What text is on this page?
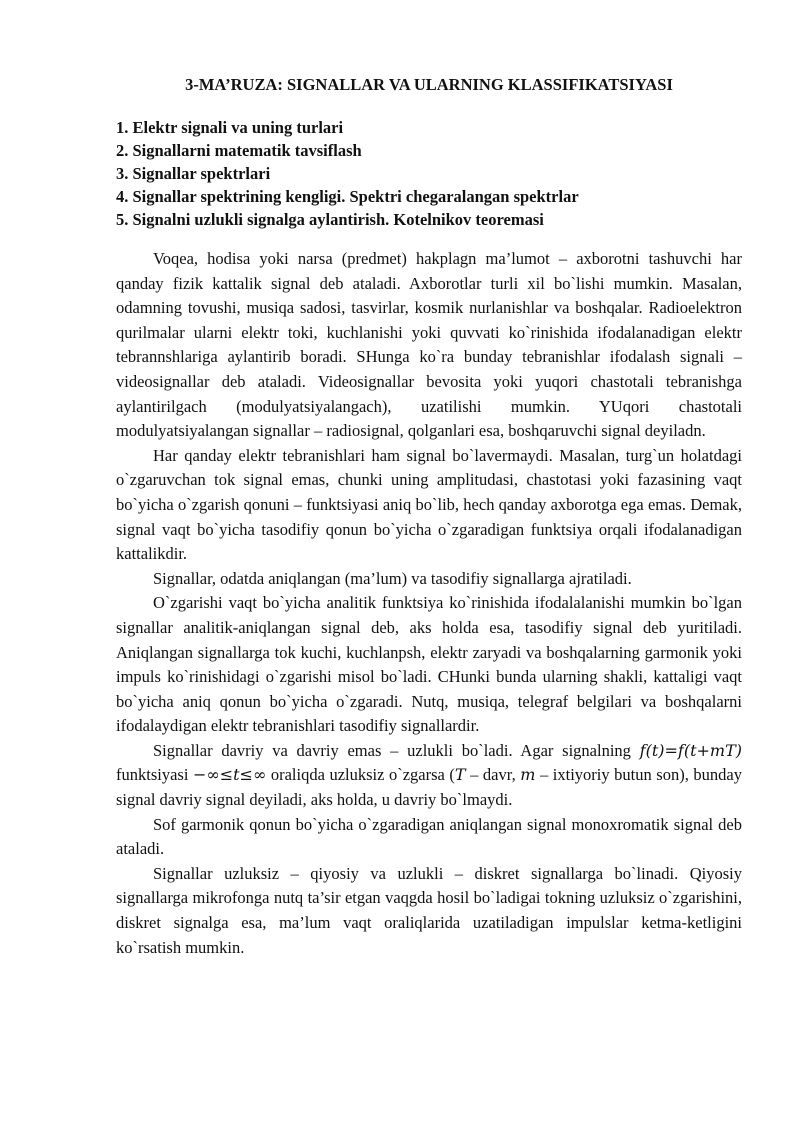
3-MA’RUZA: SIGNALLAR VA ULARNING KLASSIFIKATSIYASI
1. Elektr signali va uning turlari
2. Signallarni matematik tavsiflash
3. Signallar spektrlari
4. Signallar spektrining kengligi. Spektri chegaralangan spektrlar
5. Signalni uzlukli signalga aylantirish. Kotelnikov teoremasi

Voqea, hodisa yoki narsa (predmet) hakplagn ma’lumot – axborotni tashuvchi har qanday fizik kattalik signal deb ataladi. Axborotlar turli xil bo`lishi mumkin. Masalan, odamning tovushi, musiqa sadosi, tasvirlar, kosmik nurlanishlar va boshqalar. Radioelektron qurilmalar ularni elektr toki, kuchlanishi yoki quvvati ko`rinishida ifodalanadigan elektr tebrannshlariga aylantirib boradi. SHunga ko`ra bunday tebranishlar ifodalash signali – videosignallar deb ataladi. Videosignallar bevosita yoki yuqori chastotali tebranishga aylantirilgach (modulyatsiyalangach), uzatilishi mumkin. YUqori chastotali modulyatsiyalangan signallar – radiosignal, qolganlari esa, boshqaruvchi signal deyiladn.

Har qanday elektr tebranishlari ham signal bo`lavermaydi. Masalan, turg`un holatdagi o`zgaruvchan tok signal emas, chunki uning amplitudasi, chastotasi yoki fazasining vaqt bo`yicha o`zgarish qonuni – funktsiyasi aniq bo`lib, hech qanday axborotga ega emas. Demak, signal vaqt bo`yicha tasodifiy qonun bo`yicha o`zgaradigan funktsiya orqali ifodalanadigan kattalikdir.

Signallar, odatda aniqlangan (ma’lum) va tasodifiy signallarga ajratiladi.

O`zgarishi vaqt bo`yicha analitik funktsiya ko`rinishida ifodalalanishi mumkin bo`lgan signallar analitik-aniqlangan signal deb, aks holda esa, tasodifiy signal deb yuritiladi. Aniqlangan signallarga tok kuchi, kuchlanpsh, elektr zaryadi va boshqalarning garmonik yoki impuls ko`rinishidagi o`zgarishi misol bo`ladi. CHunki bunda ularning shakli, kattaligi vaqt bo`yicha aniq qonun bo`yicha o`zgaradi. Nutq, musiqa, telegraf belgilari va boshqalarni ifodalaydigan elektr tebranishlari tasodifiy signallardir.

Signallar davriy va davriy emas – uzlukli bo`ladi. Agar signalning f(t)=f(t+mT) funktsiyasi −∞≤t≤∞ oraliqda uzluksiz o`zgarsa (T – davr, m – ixtiyoriy butun son), bunday signal davriy signal deyiladi, aks holda, u davriy bo`lmaydi.

Sof garmonik qonun bo`yicha o`zgaradigan aniqlangan signal monoxromatik signal deb ataladi.

Signallar uzluksiz – qiyosiy va uzlukli – diskret signallarga bo`linadi. Qiyosiy signallarga mikrofonga nutq ta’sir etgan vaqgda hosil bo`ladigai tokning uzluksiz o`zgarishini, diskret signalga esa, ma’lum vaqt oraliqlarida uzatiladigan impulslar ketma-ketligini ko`rsatish mumkin.
